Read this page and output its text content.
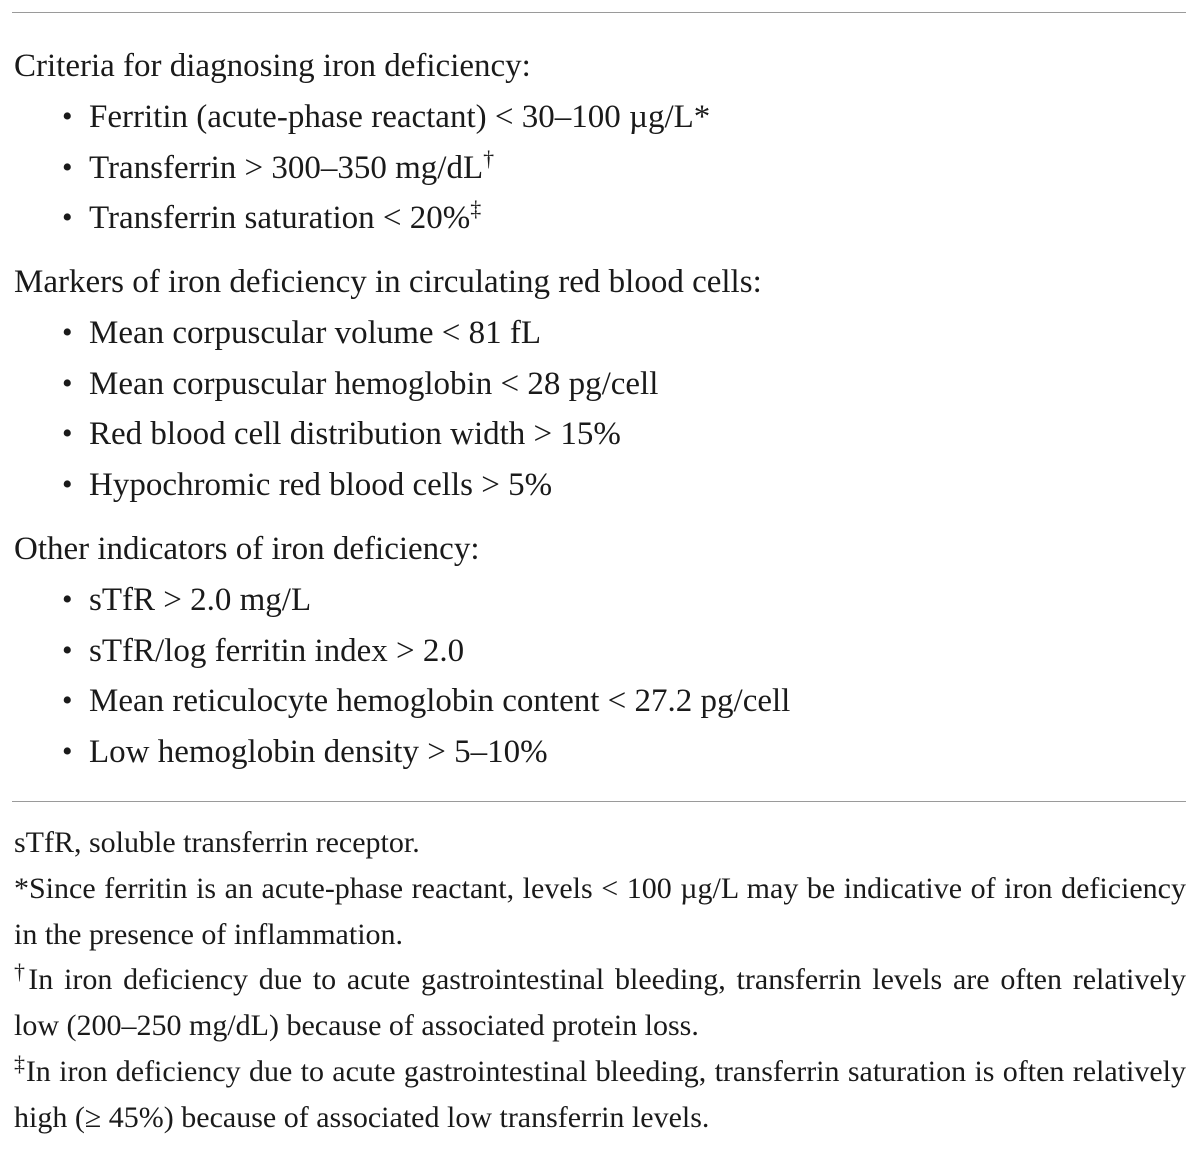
Criteria for diagnosing iron deficiency:

• Ferritin (acute-phase reactant) < 30–100 µg/L*
• Transferrin > 300–350 mg/dL†
• Transferrin saturation < 20%‡

Markers of iron deficiency in circulating red blood cells:

• Mean corpuscular volume < 81 fL
• Mean corpuscular hemoglobin < 28 pg/cell
• Red blood cell distribution width > 15%
• Hypochromic red blood cells > 5%

Other indicators of iron deficiency:

• sTfR > 2.0 mg/L
• sTfR/log ferritin index > 2.0
• Mean reticulocyte hemoglobin content < 27.2 pg/cell
• Low hemoglobin density > 5–10%

sTfR, soluble transferrin receptor.

*Since ferritin is an acute-phase reactant, levels < 100 µg/L may be indicative of iron deficiency in the presence of inflammation.

†In iron deficiency due to acute gastrointestinal bleeding, transferrin levels are often relatively low (200–250 mg/dL) because of associated protein loss.

‡In iron deficiency due to acute gastrointestinal bleeding, transferrin saturation is often relatively high (≥ 45%) because of associated low transferrin levels.
